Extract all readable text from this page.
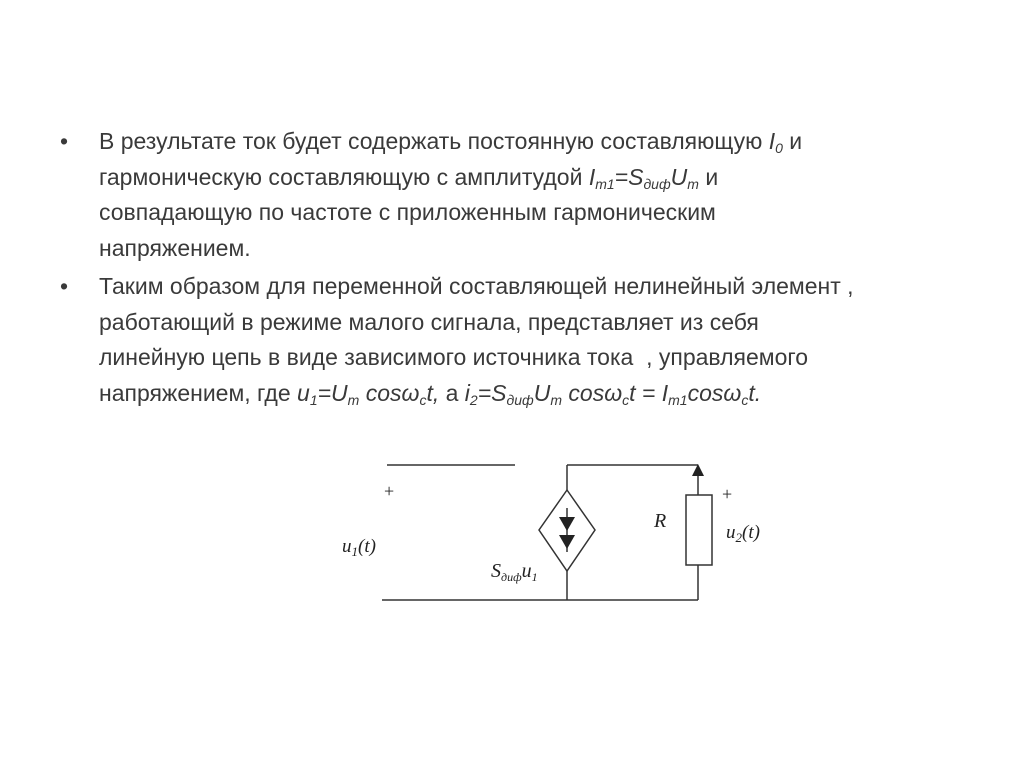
• В результате ток будет содержать постоянную составляющую $I_0$ и
гармоническую составляющую с амплитудой $I_{m1}=S_{диф}U_m$ и
совпадающую по частоте с приложенным гармоническим
напряжением.
• Таким образом для переменной составляющей нелинейный элемент ,
работающий в режиме малого сигнала, представляет из себя
линейную цепь в виде зависимого источника тока  , управляемого
напряжением, где $u_1=U_m$ cosω$_c$t, а $i_2=S_{диф}U_m$ $\cos\omega_ct = I_{m1}\cos\omega_ct$.
+	+
$u_1(t)$
$S_{диф}u_1$
R
$u_2(t)$
